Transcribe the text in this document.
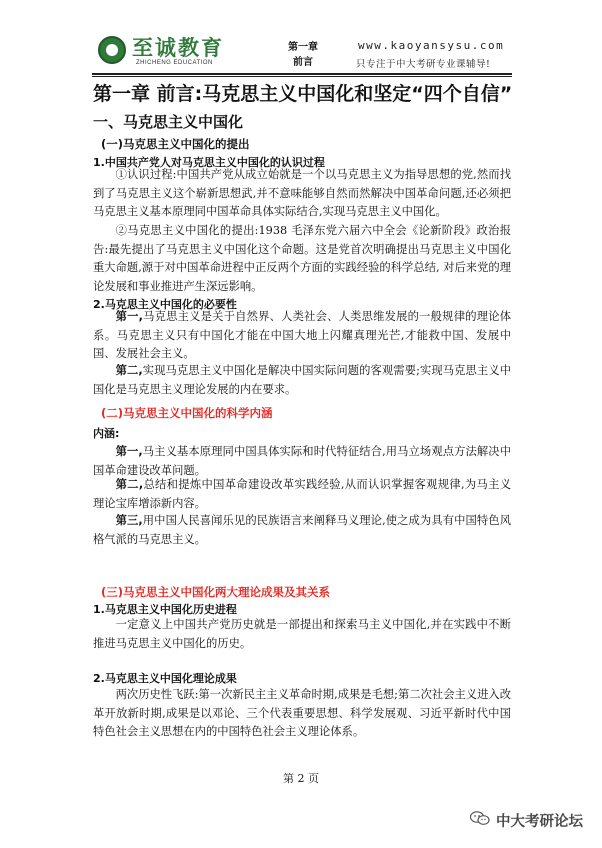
至诚教育
ZHICHENG EDUCATION
第一章
前言
www.kaoyansysu.com
只专注于中大考研专业课辅导!
第一章 前言:马克思主义中国化和坚定“四个自信”
一、马克思主义中国化
(一)马克思主义中国化的提出
1.中国共产党人对马克思主义中国化的认识过程
①认识过程:中国共产党从成立始就是一个以马克思主义为指导思想的党,然而找到了马克思主义这个崭新思想武,并不意味能够自然而然解决中国革命问题,还必须把马克思主义基本原理同中国革命具体实际结合,实现马克思主义中国化。
②马克思主义中国化的提出:1938 毛泽东党六届六中全会《论新阶段》政治报告:最先提出了马克思主义中国化这个命题。这是党首次明确提出马克思主义中国化重大命题,源于对中国革命进程中正反两个方面的实践经验的科学总结, 对后来党的理论发展和事业推进产生深远影响。
2.马克思主义中国化的必要性
第一,马克思主义是关于自然界、人类社会、人类思维发展的一般规律的理论体系。马克思主义只有中国化才能在中国大地上闪耀真理光芒,才能救中国、发展中国、发展社会主义。
第二,实现马克思主义中国化是解决中国实际问题的客观需要;实现马克思主义中国化是马克思主义理论发展的内在要求。
(二)马克思主义中国化的科学内涵
内涵:
第一,马主义基本原理同中国具体实际和时代特征结合,用马立场观点方法解决中国革命建设改革问题。
第二,总结和提炼中国革命建设改革实践经验,从而认识掌握客观规律,为马主义理论宝库增添新内容。
第三,用中国人民喜闻乐见的民族语言来阐释马义理论,使之成为具有中国特色风格气派的马克思主义。
(三)马克思主义中国化两大理论成果及其关系
1.马克思主义中国化历史进程
一定意义上中国共产党历史就是一部提出和探索马主义中国化,并在实践中不断推进马克思主义中国化的历史。
2.马克思主义中国化理论成果
两次历史性飞跃:第一次新民主主义革命时期,成果是毛想;第二次社会主义进入改革开放新时期,成果是以邓论、三个代表重要思想、科学发展观、习近平新时代中国特色社会主义思想在内的中国特色社会主义理论体系。
第 2 页
中大考研论坛
